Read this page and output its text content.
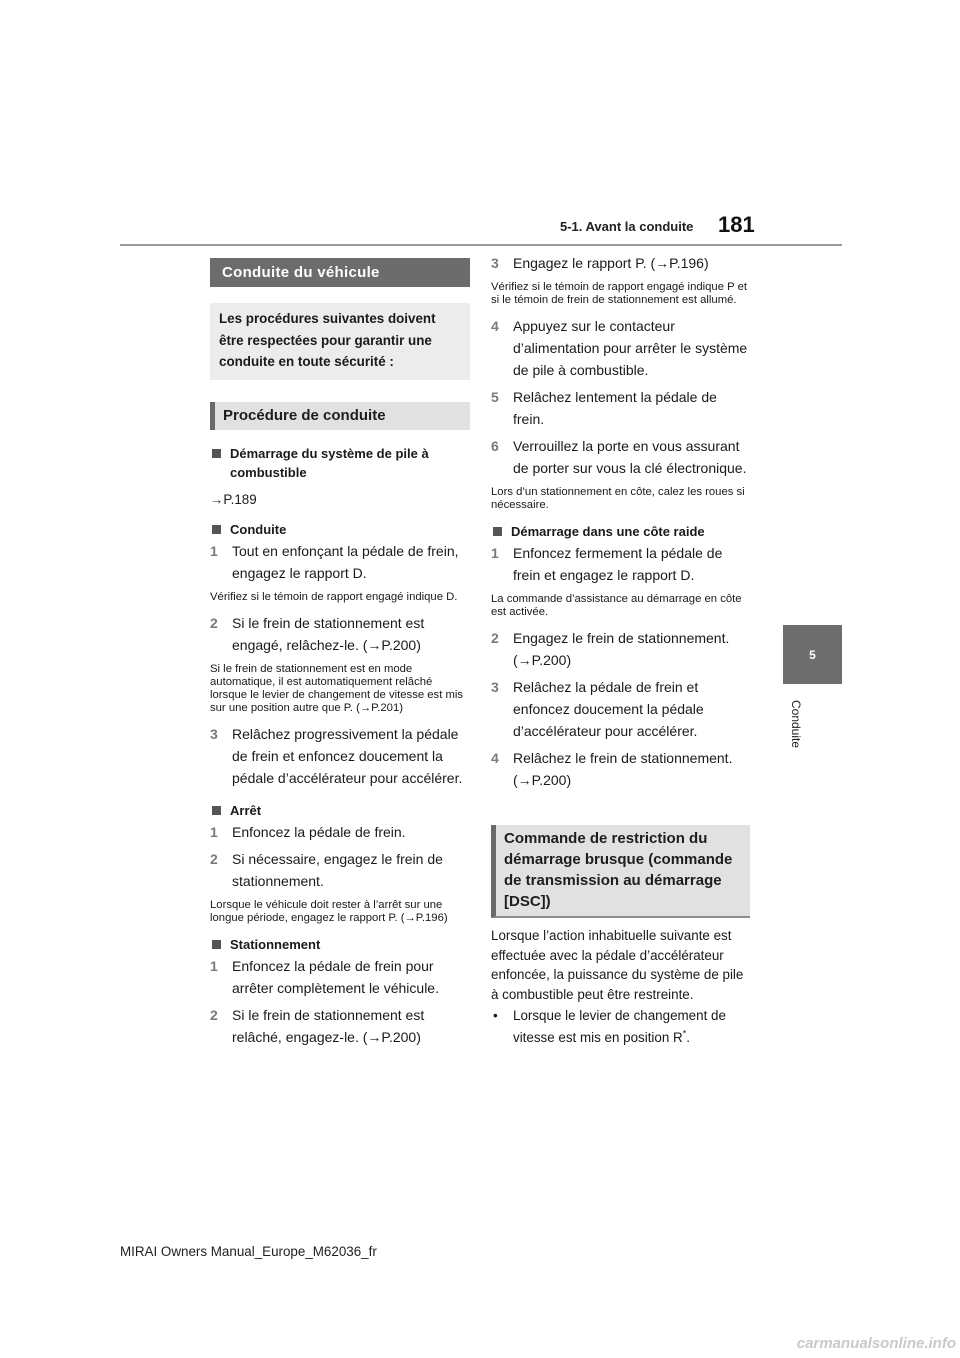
5-1. Avant la conduite 181
5
Conduite
Conduite du véhicule
Les procédures suivantes doivent être respectées pour garantir une conduite en toute sécurité :
Procédure de conduite
Démarrage du système de pile à combustible
→P.189
Conduite
1	Tout en enfonçant la pédale de frein, engagez le rapport D.
Vérifiez si le témoin de rapport engagé indique D.
2	Si le frein de stationnement est engagé, relâchez-le. (→P.200)
Si le frein de stationnement est en mode automatique, il est automatiquement relâché lorsque le levier de changement de vitesse est mis sur une position autre que P. (→P.201)
3	Relâchez progressivement la pédale de frein et enfoncez doucement la pédale d’accélérateur pour accélérer.
Arrêt
1	Enfoncez la pédale de frein.
2	Si nécessaire, engagez le frein de stationnement.
Lorsque le véhicule doit rester à l’arrêt sur une longue période, engagez le rapport P. (→P.196)
Stationnement
1	Enfoncez la pédale de frein pour arrêter complètement le véhicule.
2	Si le frein de stationnement est relâché, engagez-le. (→P.200)
3	Engagez le rapport P. (→P.196)
Vérifiez si le témoin de rapport engagé indique P et si le témoin de frein de stationnement est allumé.
4	Appuyez sur le contacteur d’alimentation pour arrêter le système de pile à combustible.
5	Relâchez lentement la pédale de frein.
6	Verrouillez la porte en vous assurant de porter sur vous la clé électronique.
Lors d’un stationnement en côte, calez les roues si nécessaire.
Démarrage dans une côte raide
1	Enfoncez fermement la pédale de frein et engagez le rapport D.
La commande d’assistance au démarrage en côte est activée.
2	Engagez le frein de stationnement. (→P.200)
3	Relâchez la pédale de frein et enfoncez doucement la pédale d’accélérateur pour accélérer.
4	Relâchez le frein de stationnement. (→P.200)
Commande de restriction du démarrage brusque (commande de transmission au démarrage [DSC])
Lorsque l’action inhabituelle suivante est effectuée avec la pédale d’accélérateur enfoncée, la puissance du système de pile à combustible peut être restreinte.
•	Lorsque le levier de changement de vitesse est mis en position R*.
MIRAI Owners Manual_Europe_M62036_fr
carmanualsonline.info
